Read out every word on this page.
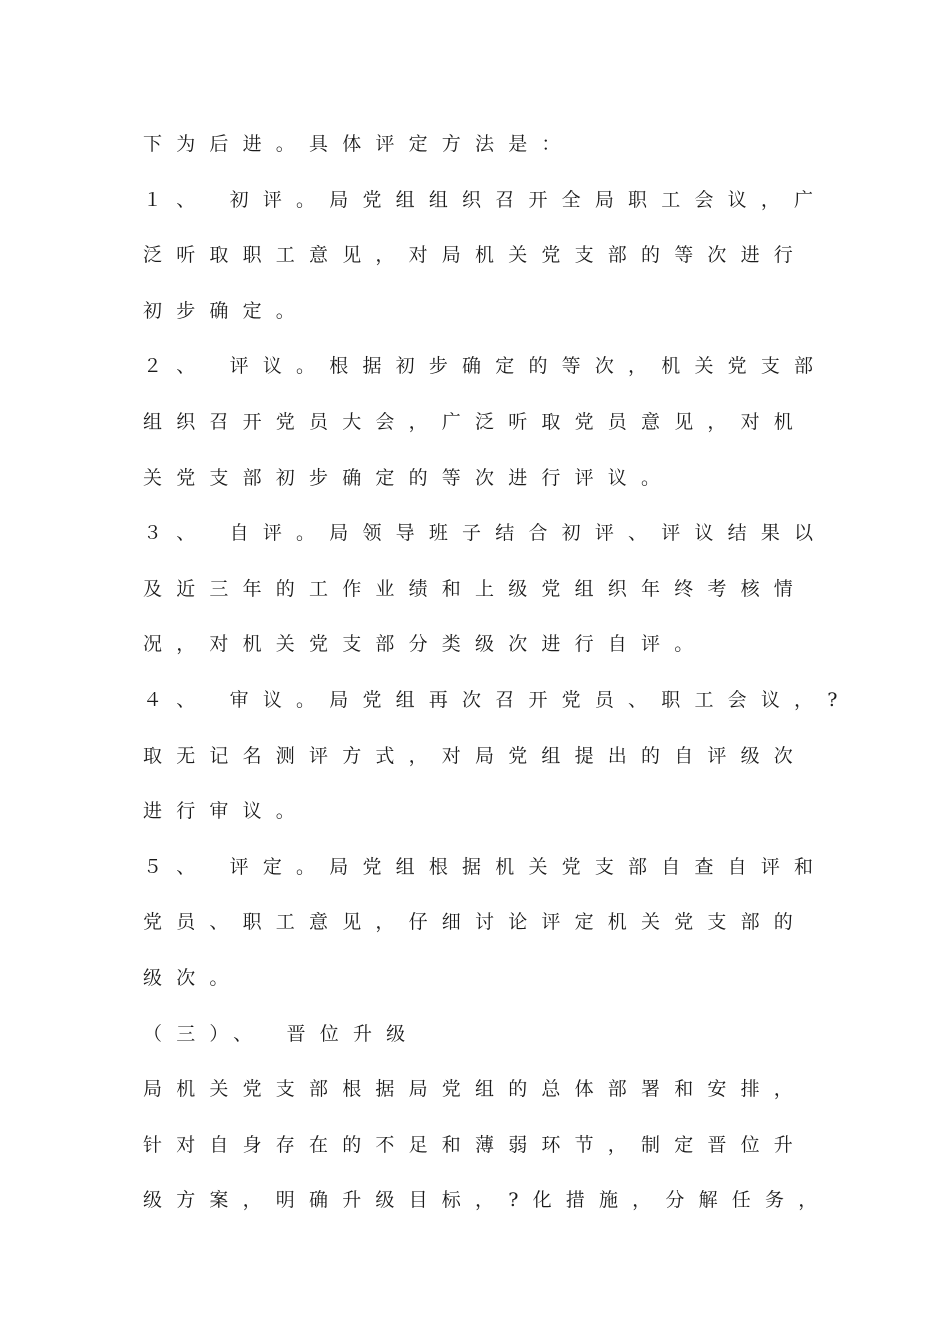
下为后进。具体评定方法是：
１、 初评。局党组组织召开全局职工会议，广
泛听取职工意见，对局机关党支部的等次进行
初步确定。
２、 评议。根据初步确定的等次，机关党支部
组织召开党员大会，广泛听取党员意见，对机
关党支部初步确定的等次进行评议。
３、 自评。局领导班子结合初评、评议结果以
及近三年的工作业绩和上级党组织年终考核情
况，对机关党支部分类级次进行自评。
４、 审议。局党组再次召开党员、职工会议，?
取无记名测评方式，对局党组提出的自评级次
进行审议。
５、 评定。局党组根据机关党支部自查自评和
党员、职工意见，仔细讨论评定机关党支部的
级次。
（三）、 晋位升级
局机关党支部根据局党组的总体部署和安排，
针对自身存在的不足和薄弱环节，制定晋位升
级方案，明确升级目标，?化措施，分解任务，
